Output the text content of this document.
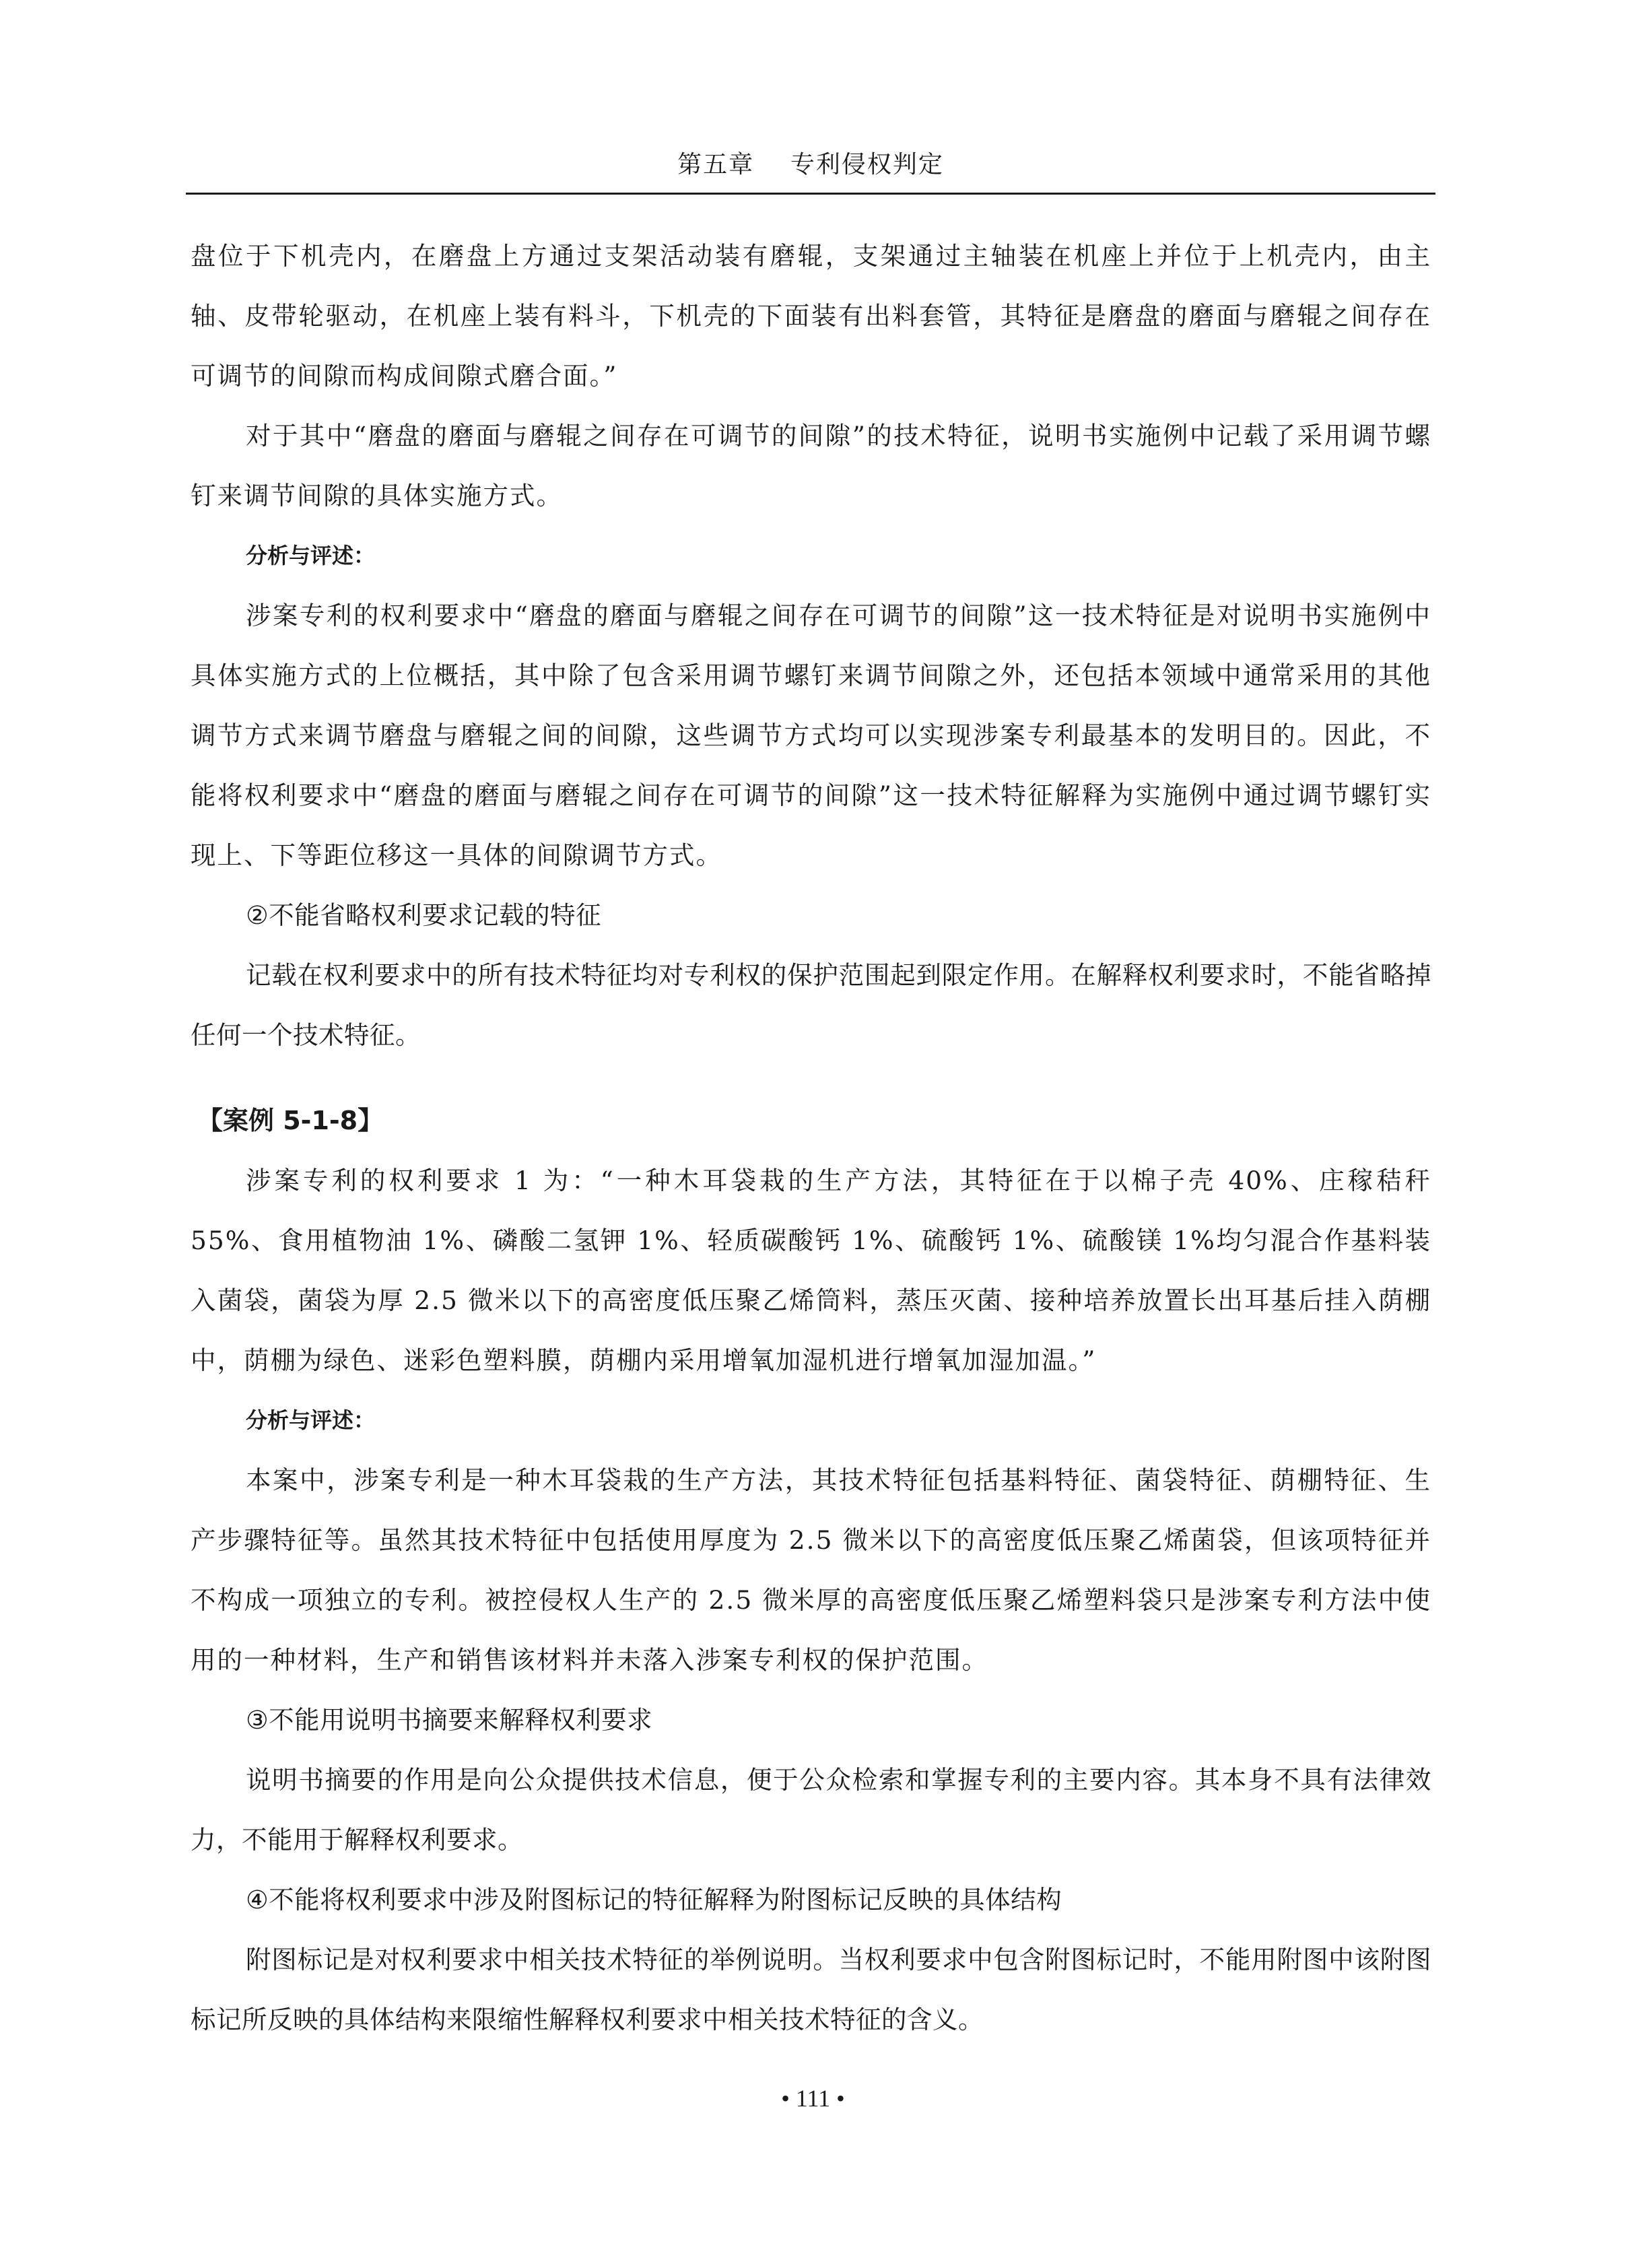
第五章 专利侵权判定

盘位于下机壳内，在磨盘上方通过支架活动装有磨辊，支架通过主轴装在机座上并位于上机壳内，由主轴、皮带轮驱动，在机座上装有料斗，下机壳的下面装有出料套管，其特征是磨盘的磨面与磨辊之间存在可调节的间隙而构成间隙式磨合面。”

对于其中“磨盘的磨面与磨辊之间存在可调节的间隙”的技术特征，说明书实施例中记载了采用调节螺钉来调节间隙的具体实施方式。

分析与评述：

涉案专利的权利要求中“磨盘的磨面与磨辊之间存在可调节的间隙”这一技术特征是对说明书实施例中具体实施方式的上位概括，其中除了包含采用调节螺钉来调节间隙之外，还包括本领域中通常采用的其他调节方式来调节磨盘与磨辊之间的间隙，这些调节方式均可以实现涉案专利最基本的发明目的。因此，不能将权利要求中“磨盘的磨面与磨辊之间存在可调节的间隙”这一技术特征解释为实施例中通过调节螺钉实现上、下等距位移这一具体的间隙调节方式。

②不能省略权利要求记载的特征

记载在权利要求中的所有技术特征均对专利权的保护范围起到限定作用。在解释权利要求时，不能省略掉任何一个技术特征。

【案例 5-1-8】

涉案专利的权利要求 1 为：“一种木耳袋栽的生产方法，其特征在于以棉子壳 40%、庄稼秸秆 55%、食用植物油 1%、磷酸二氢钾 1%、轻质碳酸钙 1%、硫酸钙 1%、硫酸镁 1%均匀混合作基料装入菌袋，菌袋为厚 2.5 微米以下的高密度低压聚乙烯筒料，蒸压灭菌、接种培养放置长出耳基后挂入荫棚中，荫棚为绿色、迷彩色塑料膜，荫棚内采用增氧加湿机进行增氧加湿加温。”

分析与评述：

本案中，涉案专利是一种木耳袋栽的生产方法，其技术特征包括基料特征、菌袋特征、荫棚特征、生产步骤特征等。虽然其技术特征中包括使用厚度为 2.5 微米以下的高密度低压聚乙烯菌袋，但该项特征并不构成一项独立的专利。被控侵权人生产的 2.5 微米厚的高密度低压聚乙烯塑料袋只是涉案专利方法中使用的一种材料，生产和销售该材料并未落入涉案专利权的保护范围。

③不能用说明书摘要来解释权利要求

说明书摘要的作用是向公众提供技术信息，便于公众检索和掌握专利的主要内容。其本身不具有法律效力，不能用于解释权利要求。

④不能将权利要求中涉及附图标记的特征解释为附图标记反映的具体结构

附图标记是对权利要求中相关技术特征的举例说明。当权利要求中包含附图标记时，不能用附图中该附图标记所反映的具体结构来限缩性解释权利要求中相关技术特征的含义。

• 111 •
